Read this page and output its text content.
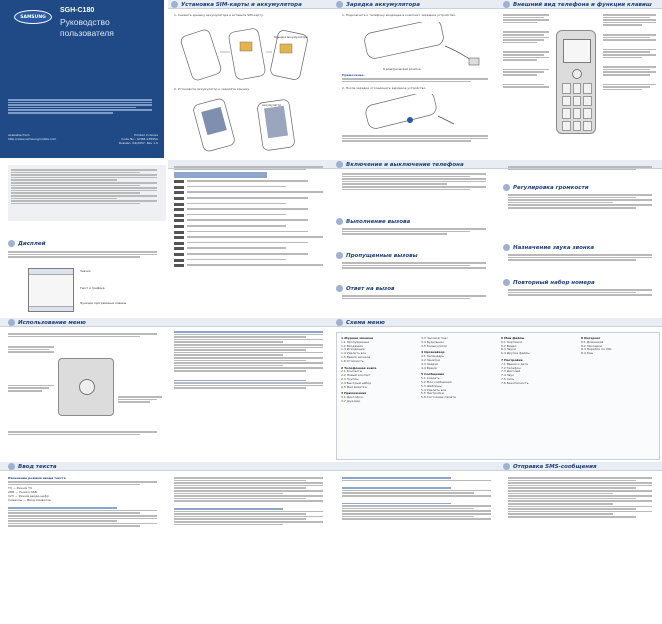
Установка SIM-карты и аккумулятора	Зарядка аккумулятора	Внешний вид телефона и функции клавиш
SAMSUNG
SGH-C180
Руководство
пользователя
Available from
http://www.samsungmobile.com
Printed in Korea
Code No.: GH68-13895A
Russian. 04/2007. Rev 1.0
1. Снимите крышку аккумулятора и вставьте SIM-карту.
Крышка аккумулятора
2. Установите аккумулятор и закройте крышку.
Аккумулятор
1. Подключите к телефону входящее в комплект зарядное устройство.
К электрической розетке
Примечание.
2. После зарядки отсоедините зарядное устройство.
Включение и выключение телефона
Дисплей
Значки
Текст и графика
Функции программных клавиш
Выполнение вызова
Пропущенные вызовы
Ответ на вызов
Регулировка громкости
Назначение звука звонка
Повторный набор номера
Использование меню	Схема меню
1 Журнал звонков
1.1 Пропущенные
1.2 Входящие
1.3 Исходящие
1.4 Удалить все
1.5 Время звонков
1.6 Стоимость
2 Телефонная книга
2.1 Контакты
2.2 Новый контакт
2.3 Группы
2.4 Быстрый набор
2.5 Моя визитка
3 Приложения
3.1 Диктофон
3.2 Java-мир
3.3 Часовой пояс
3.4 Будильник
3.5 Калькулятор
4 Органайзер
4.1 Календарь
4.2 Заметки
4.3 Задачи
4.4 Время
5 Сообщения
5.1 Создать
5.2 Мои сообщения
5.3 Шаблоны
5.4 Удалить все
5.5 Настройки
5.6 Состояние памяти
6 Мои файлы
6.1 Картинки
6.2 Видео
6.3 Звуки
6.4 Другие файлы
7 Настройки
7.1 Время и дата
7.2 Телефон
7.3 Дисплей
7.4 Звук
7.5 Сеть
7.6 Безопасность
8 Интернет
8.1 Домашняя
8.2 Закладки
8.3 Перейти по URL
8.4 Кэш
Ввод текста	Отправка SMS-сообщения
Изменение режима ввода текста
Т9 — Режим Т9
АБВ — Режим АБВ
123 — Режим ввода цифр
Символы — Ввод символов
